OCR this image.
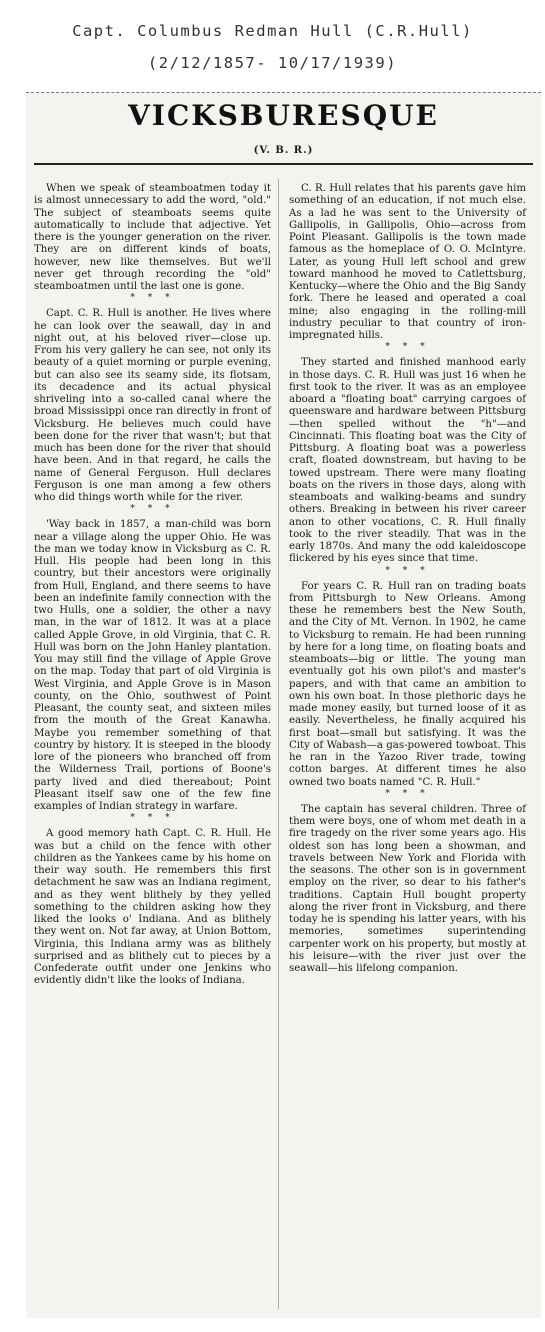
Capt. Columbus Redman Hull (C.R.Hull)
(2/12/1857- 10/17/1939)
VICKSBURESQUE
(V. B. R.)

When we speak of steamboatmen today it is almost unnecessary to add the word, "old." The subject of steamboats seems quite automatically to include that adjective. Yet there is the younger generation on the river. They are on different kinds of boats, however, new like themselves. But we'll never get through recording the "old" steamboatmen until the last one is gone.

* * *

Capt. C. R. Hull is another. He lives where he can look over the seawall, day in and night out, at his beloved river—close up. From his very gallery he can see, not only its beauty of a quiet morning or purple evening, but can also see its seamy side, its flotsam, its decadence and its actual physical shriveling into a so-called canal where the broad Mississippi once ran directly in front of Vicksburg. He believes much could have been done for the river that wasn't; but that much has been done for the river that should have been. And in that regard, he calls the name of General Ferguson. Hull declares Ferguson is one man among a few others who did things worth while for the river.

* * *

'Way back in 1857, a man-child was born near a village along the upper Ohio. He was the man we today know in Vicksburg as C. R. Hull. His people had been long in this country, but their ancestors were originally from Hull, England, and there seems to have been an indefinite family connection with the two Hulls, one a soldier, the other a navy man, in the war of 1812. It was at a place called Apple Grove, in old Virginia, that C. R. Hull was born on the John Hanley plantation. You may still find the village of Apple Grove on the map. Today that part of old Virginia is West Virginia, and Apple Grove is in Mason county, on the Ohio, southwest of Point Pleasant, the county seat, and sixteen miles from the mouth of the Great Kanawha. Maybe you remember something of that country by history. It is steeped in the bloody lore of the pioneers who branched off from the Wilderness Trail, portions of Boone's party lived and died thereabout; Point Pleasant itself saw one of the few fine examples of Indian strategy in warfare.

* * *

A good memory hath Capt. C. R. Hull. He was but a child on the fence with other children as the Yankees came by his home on their way south. He remembers this first detachment he saw was an Indiana regiment, and as they went blithely by they yelled something to the children asking how they liked the looks o' Indiana. And as blithely they went on. Not far away, at Union Bottom, Virginia, this Indiana army was as blithely surprised and as blithely cut to pieces by a Confederate outfit under one Jenkins who evidently didn't like the looks of Indiana.

C. R. Hull relates that his parents gave him something of an education, if not much else. As a lad he was sent to the University of Gallipolis, in Gallipolis, Ohio—across from Point Pleasant. Gallipolis is the town made famous as the homeplace of O. O. McIntyre. Later, as young Hull left school and grew toward manhood he moved to Catlettsburg, Kentucky—where the Ohio and the Big Sandy fork. There he leased and operated a coal mine; also engaging in the rolling-mill industry peculiar to that country of iron-impregnated hills.

* * *

They started and finished manhood early in those days. C. R. Hull was just 16 when he first took to the river. It was as an employee aboard a "floating boat" carrying cargoes of queensware and hardware between Pittsburg—then spelled without the "h"—and Cincinnati. This floating boat was the City of Pittsburg. A floating boat was a powerless craft, floated downstream, but having to be towed upstream. There were many floating boats on the rivers in those days, along with steamboats and walking-beams and sundry others. Breaking in between his river career anon to other vocations, C. R. Hull finally took to the river steadily. That was in the early 1870s. And many the odd kaleidoscope flickered by his eyes since that time.

* * *

For years C. R. Hull ran on trading boats from Pittsburgh to New Orleans. Among these he remembers best the New South, and the City of Mt. Vernon. In 1902, he came to Vicksburg to remain. He had been running by here for a long time, on floating boats and steamboats—big or little. The young man eventually got his own pilot's and master's papers, and with that came an ambition to own his own boat. In those plethoric days he made money easily, but turned loose of it as easily. Nevertheless, he finally acquired his first boat—small but satisfying. It was the City of Wabash—a gas-powered towboat. This he ran in the Yazoo River trade, towing cotton barges. At different times he also owned two boats named "C. R. Hull."

* * *

The captain has several children. Three of them were boys, one of whom met death in a fire tragedy on the river some years ago. His oldest son has long been a showman, and travels between New York and Florida with the seasons. The other son is in government employ on the river, so dear to his father's traditions. Captain Hull bought property along the river front in Vicksburg, and there today he is spending his latter years, with his memories, sometimes superintending carpenter work on his property, but mostly at his leisure—with the river just over the seawall—his lifelong companion.
